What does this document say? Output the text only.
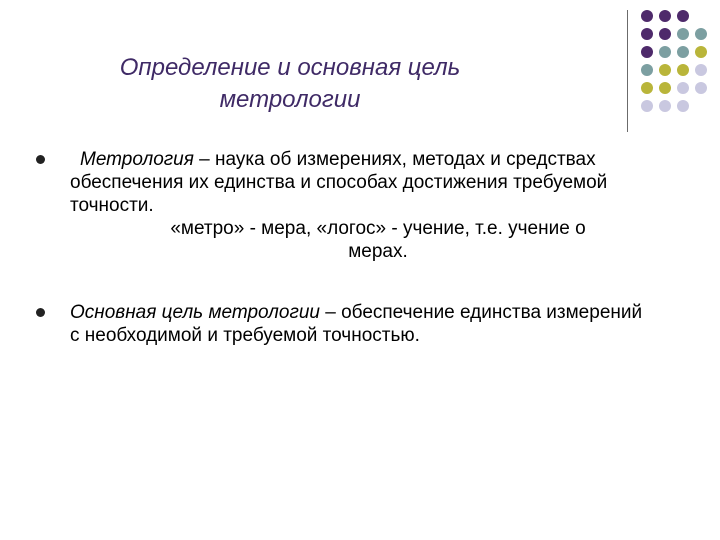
Определение и основная цель
метрологии
Метрология – наука об измерениях, методах и средствах обеспечения их единства и способах достижения требуемой точности.
«метро» - мера, «логос» - учение, т.е. учение о
мерах.
Основная цель метрологии – обеспечение единства измерений с необходимой и требуемой точностью.
